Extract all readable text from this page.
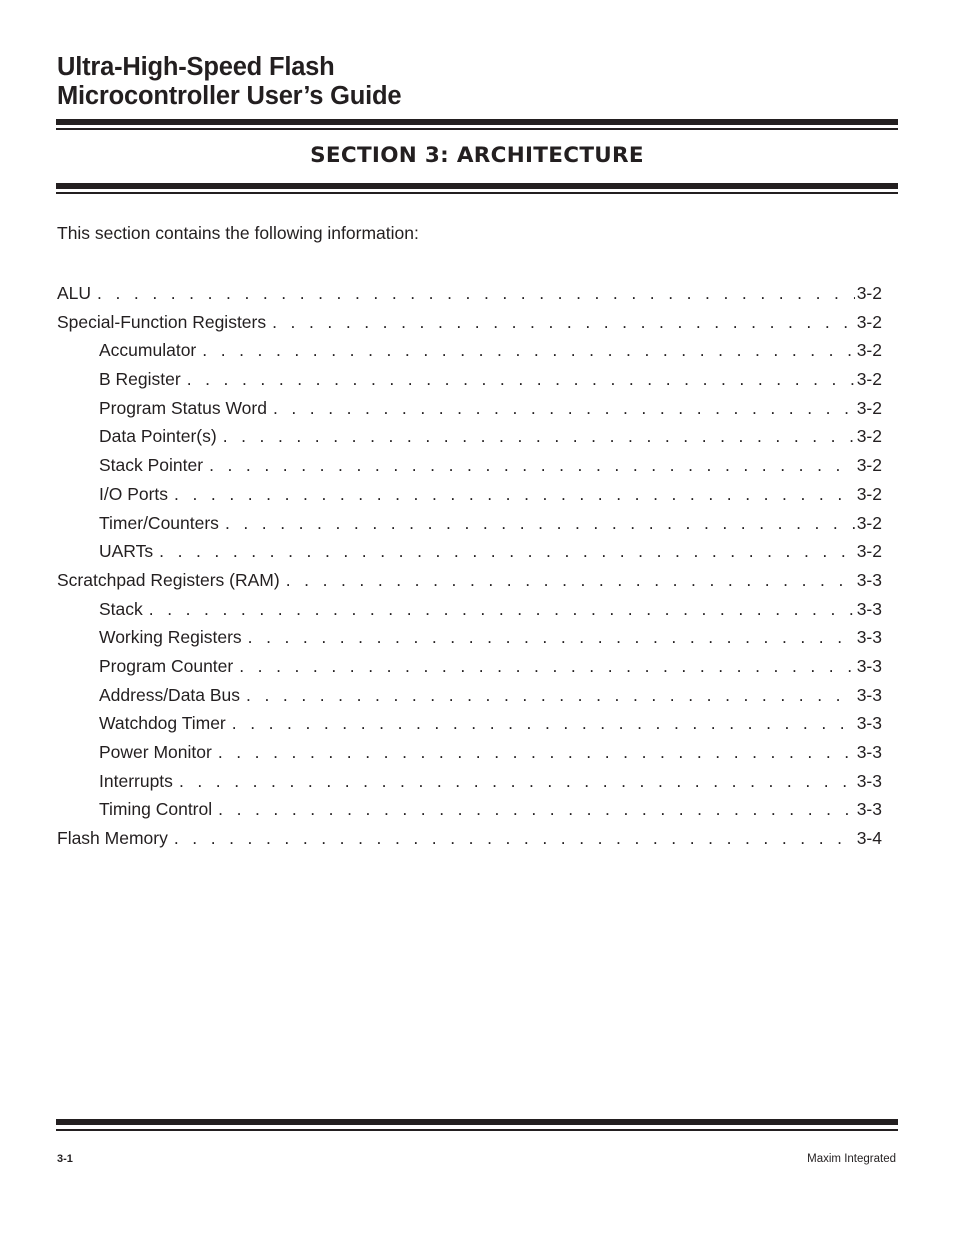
Ultra-High-Speed Flash
Microcontroller User’s Guide
SECTION 3: ARCHITECTURE

This section contains the following information:

ALU . . .	3-2
Special-Function Registers . . .	3-2
Accumulator . . .	3-2
B Register . . .	3-2
Program Status Word . . .	3-2
Data Pointer(s) . . .	3-2
Stack Pointer . . .	3-2
I/O Ports . . .	3-2
Timer/Counters . . .	3-2
UARTs . . .	3-2
Scratchpad Registers (RAM) . . .	3-3
Stack . . .	3-3
Working Registers . . .	3-3
Program Counter . . .	3-3
Address/Data Bus . . .	3-3
Watchdog Timer . . .	3-3
Power Monitor . . .	3-3
Interrupts . . .	3-3
Timing Control . . .	3-3
Flash Memory . . .	3-4
3-1	Maxim Integrated
